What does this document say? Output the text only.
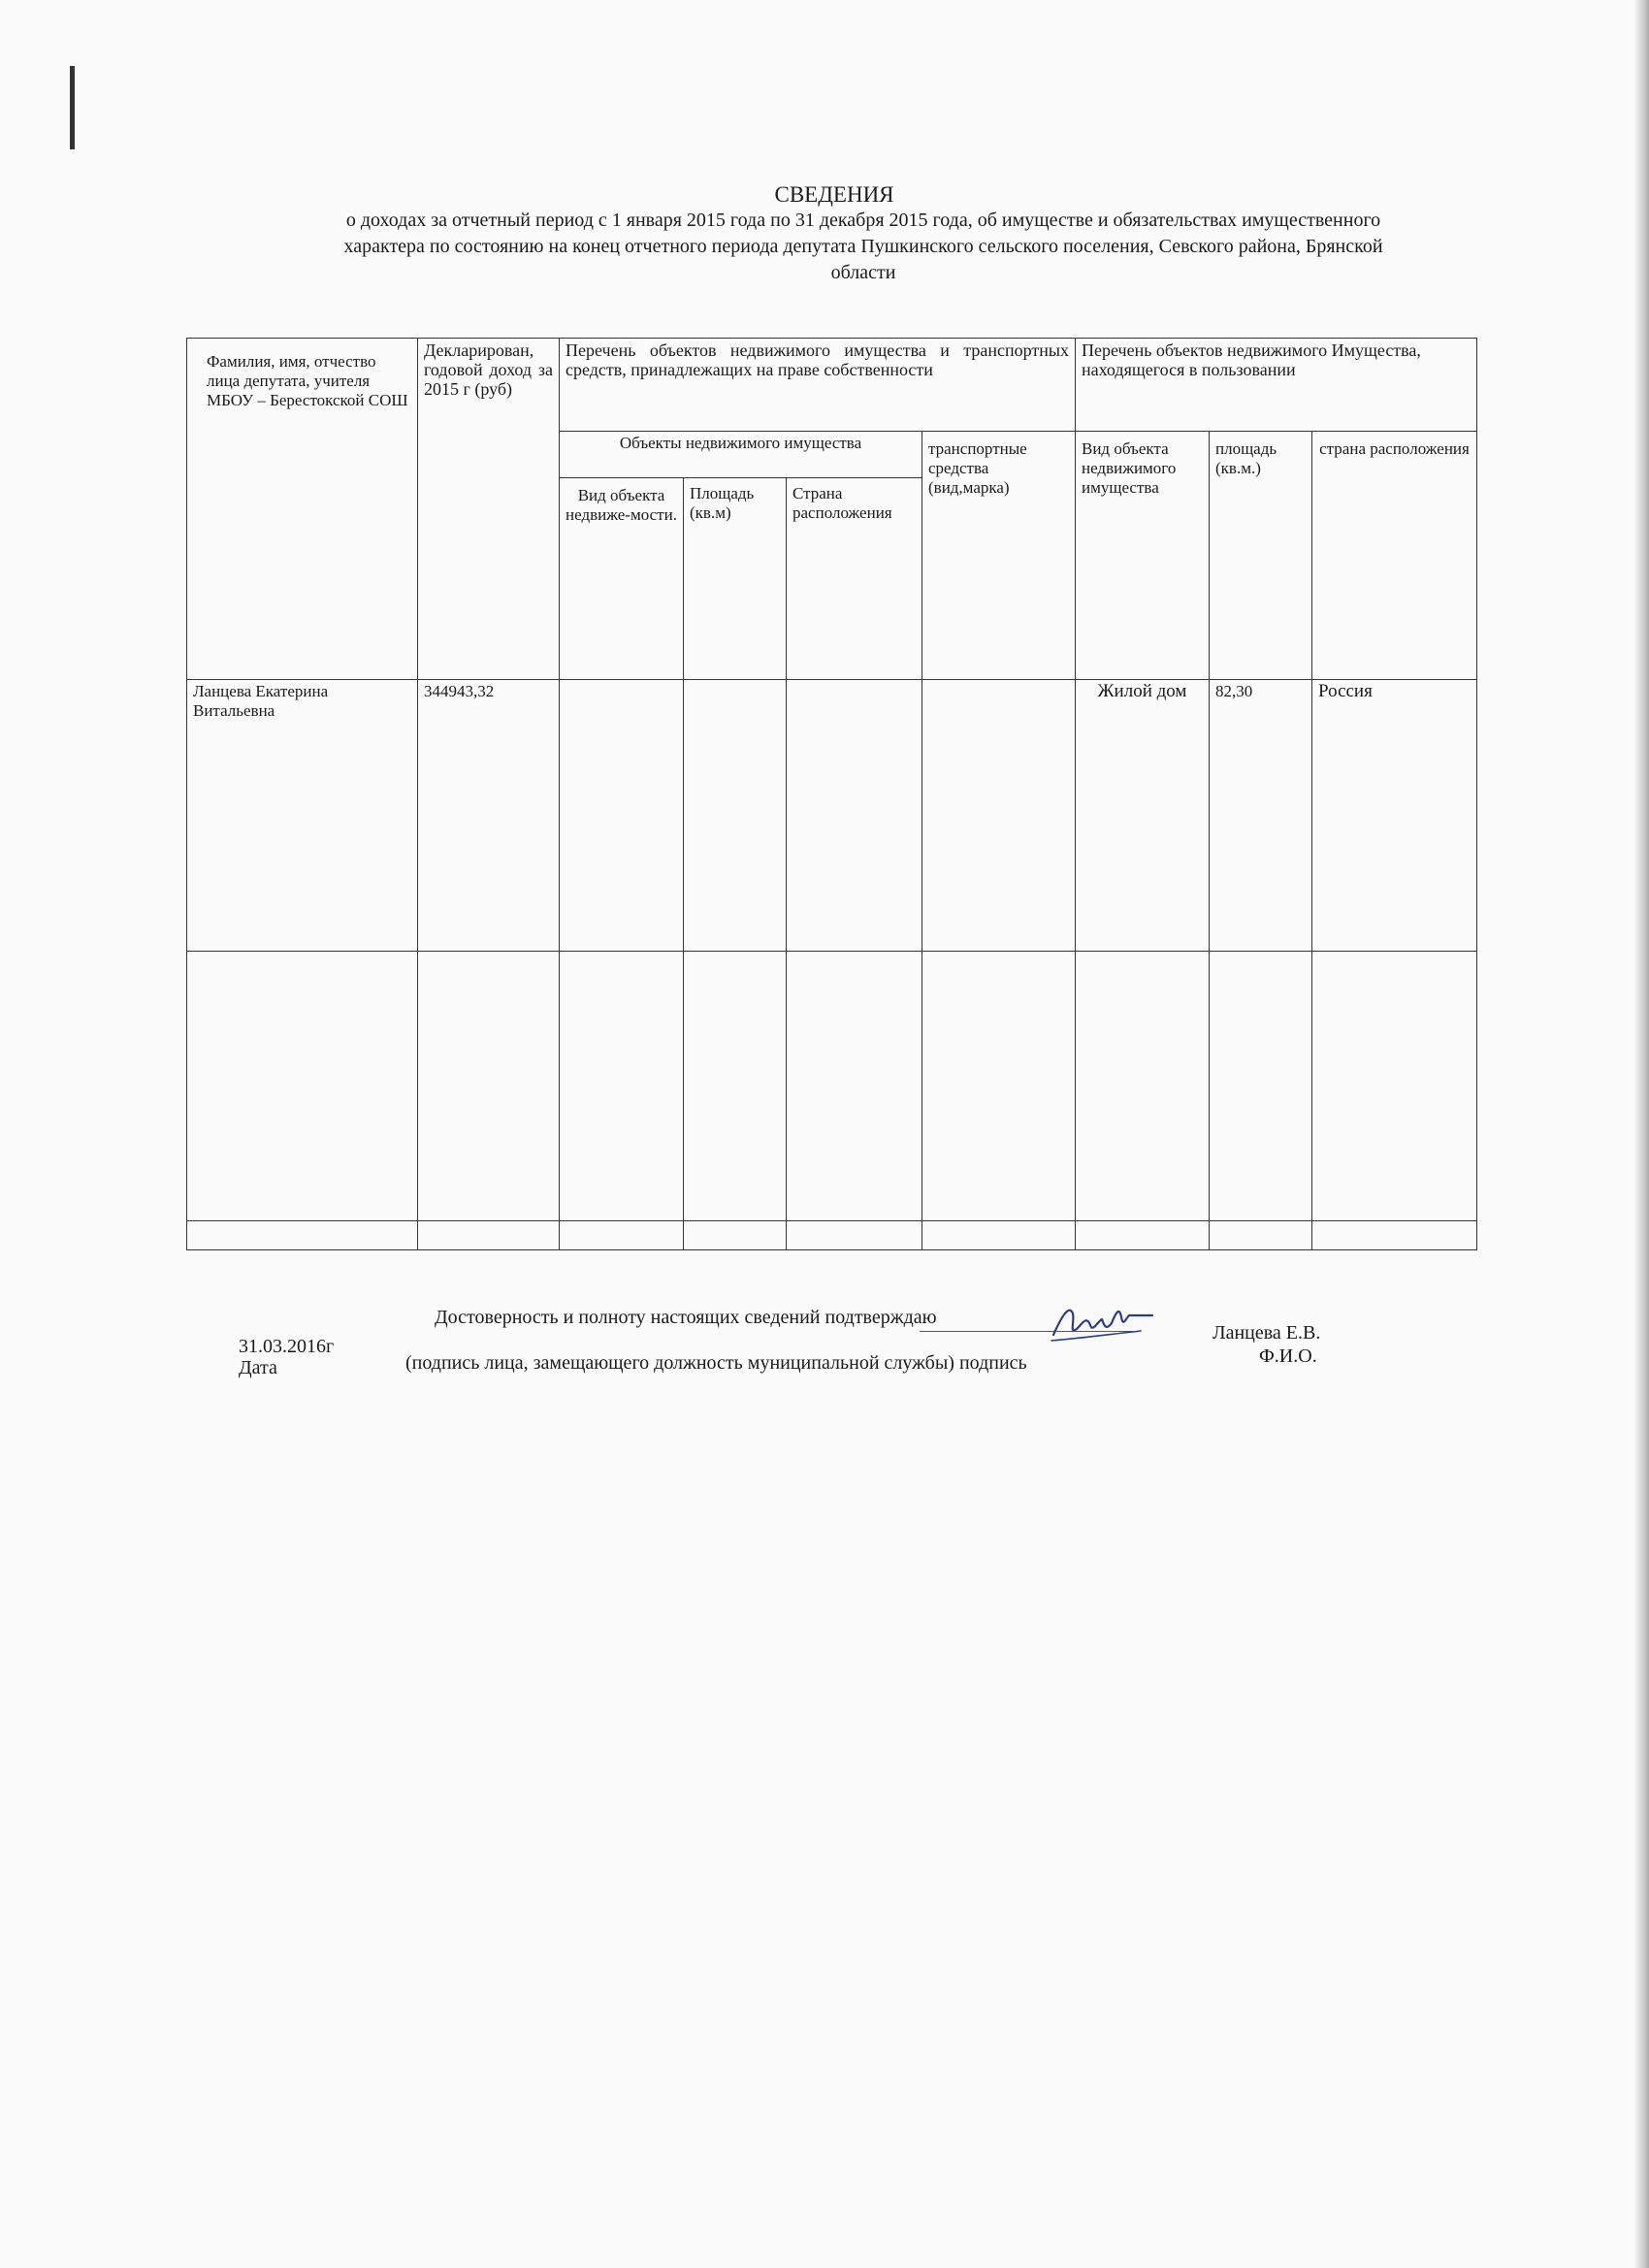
СВЕДЕНИЯ
о доходах за отчетный период с 1 января 2015 года по 31 декабря 2015 года, об имуществе и обязательствах имущественного
характера по состоянию на конец отчетного периода депутата Пушкинского сельского поселения, Севского района, Брянской
области
Фамилия, имя, отчество лица депутата, учителя МБОУ – Берестокской СОШ	Декларирован, годовой доход за 2015 г (руб)	Перечень объектов недвижимого имущества и транспортных средств, принадлежащих на праве собственности				Перечень объектов недвижимого Имущества, находящегося в пользовании		
		Объекты недвижимого имущества			транспортные средства (вид,марка)	Вид объекта недвижимого имущества	площадь (кв.м.)	страна расположения
		Вид объекта недвиже-мости.	Площадь (кв.м)	Страна расположения				
Ланцева Екатерина Витальевна	344943,32					Жилой дом	82,30	Россия

Достоверность и полноту настоящих сведений подтверждаю
31.03.2016г
Ланцева Е.В.
Дата	(подпись лица, замещающего должность муниципальной службы) подпись	Ф.И.О.
